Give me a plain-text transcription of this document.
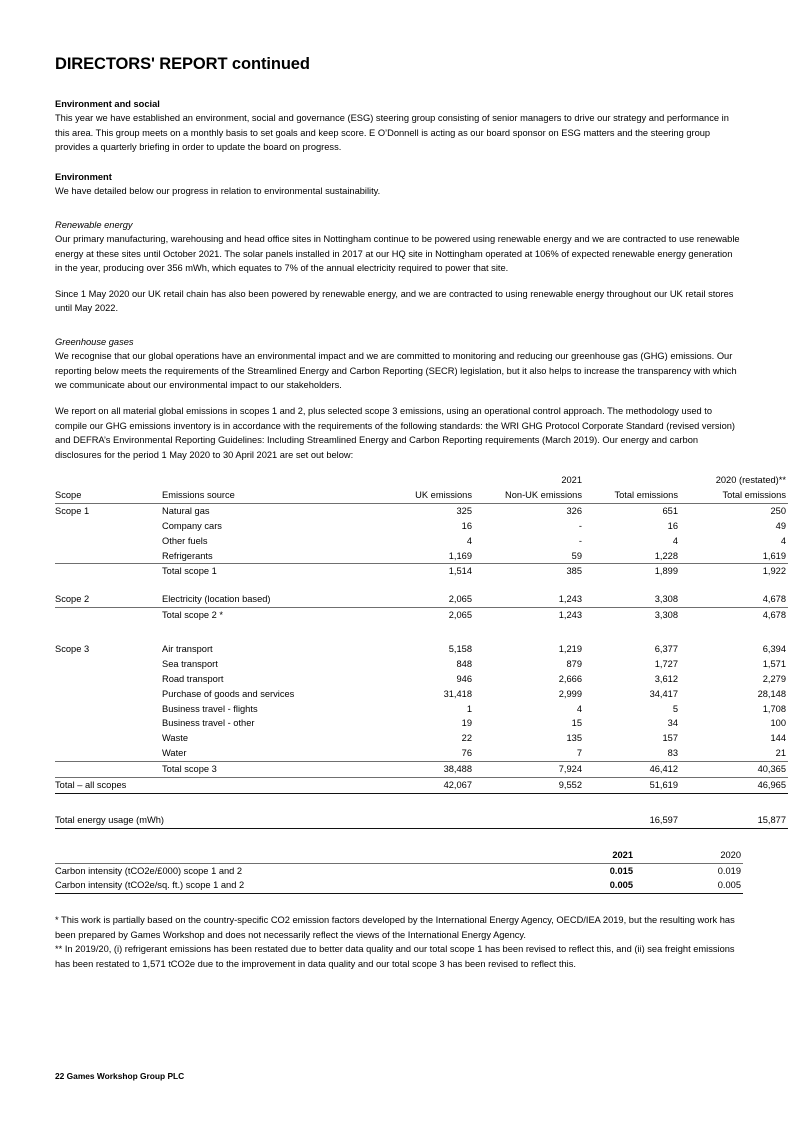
DIRECTORS' REPORT continued
Environment and social

This year we have established an environment, social and governance (ESG) steering group consisting of senior managers to drive our strategy and performance in this area. This group meets on a monthly basis to set goals and keep score. E O’Donnell is acting as our board sponsor on ESG matters and the steering group provides a quarterly briefing in order to update the board on progress.

Environment

We have detailed below our progress in relation to environmental sustainability.

Renewable energy

Our primary manufacturing, warehousing and head office sites in Nottingham continue to be powered using renewable energy and we are contracted to use renewable energy at these sites until October 2021. The solar panels installed in 2017 at our HQ site in Nottingham operated at 106% of expected renewable energy generation in the year, producing over 356 mWh, which equates to 7% of the annual electricity required to power that site.

Since 1 May 2020 our UK retail chain has also been powered by renewable energy, and we are contracted to using renewable energy throughout our UK retail stores until May 2022.

Greenhouse gases

We recognise that our global operations have an environmental impact and we are committed to monitoring and reducing our greenhouse gas (GHG) emissions. Our reporting below meets the requirements of the Streamlined Energy and Carbon Reporting (SECR) legislation, but it also helps to increase the transparency with which we communicate about our environmental impact to our stakeholders.

We report on all material global emissions in scopes 1 and 2, plus selected scope 3 emissions, using an operational control approach. The methodology used to compile our GHG emissions inventory is in accordance with the requirements of the following standards: the WRI GHG Protocol Corporate Standard (revised version) and DEFRA’s Environmental Reporting Guidelines: Including Streamlined Energy and Carbon Reporting requirements (March 2019). Our energy and carbon disclosures for the period 1 May 2020 to 30 April 2021 are set out below:

			2021		2020 (restated)**
Scope	Emissions source	UK emissions	Non-UK emissions	Total emissions	Total emissions
Scope 1	Natural gas	325	326	651	250
	Company cars	16	-	16	49
	Other fuels	4	-	4	4
	Refrigerants	1,169	59	1,228	1,619
	Total scope 1	1,514	385	1,899	1,922

Scope 2	Electricity (location based)	2,065	1,243	3,308	4,678
	Total scope 2 *	2,065	1,243	3,308	4,678

Scope 3	Air transport	5,158	1,219	6,377	6,394
	Sea transport	848	879	1,727	1,571
	Road transport	946	2,666	3,612	2,279
	Purchase of goods and services	31,418	2,999	34,417	28,148
	Business travel - flights	1	4	5	1,708
	Business travel - other	19	15	34	100
	Waste	22	135	157	144
	Water	76	7	83	21
	Total scope 3	38,488	7,924	46,412	40,365
Total – all scopes		42,067	9,552	51,619	46,965

Total energy usage (mWh)				16,597	15,877
	2021	2020
Carbon intensity (tCO2e/£000) scope 1 and 2	0.015	0.019
Carbon intensity (tCO2e/sq. ft.) scope 1 and 2	0.005	0.005

* This work is partially based on the country-specific CO2 emission factors developed by the International Energy Agency, OECD/IEA 2019, but the resulting work has been prepared by Games Workshop and does not necessarily reflect the views of the International Energy Agency.

** In 2019/20, (i) refrigerant emissions has been restated due to better data quality and our total scope 1 has been revised to reflect this, and (ii) sea freight emissions has been restated to 1,571 tCO2e due to the improvement in data quality and our total scope 3 has been revised to reflect this.

22 Games Workshop Group PLC
